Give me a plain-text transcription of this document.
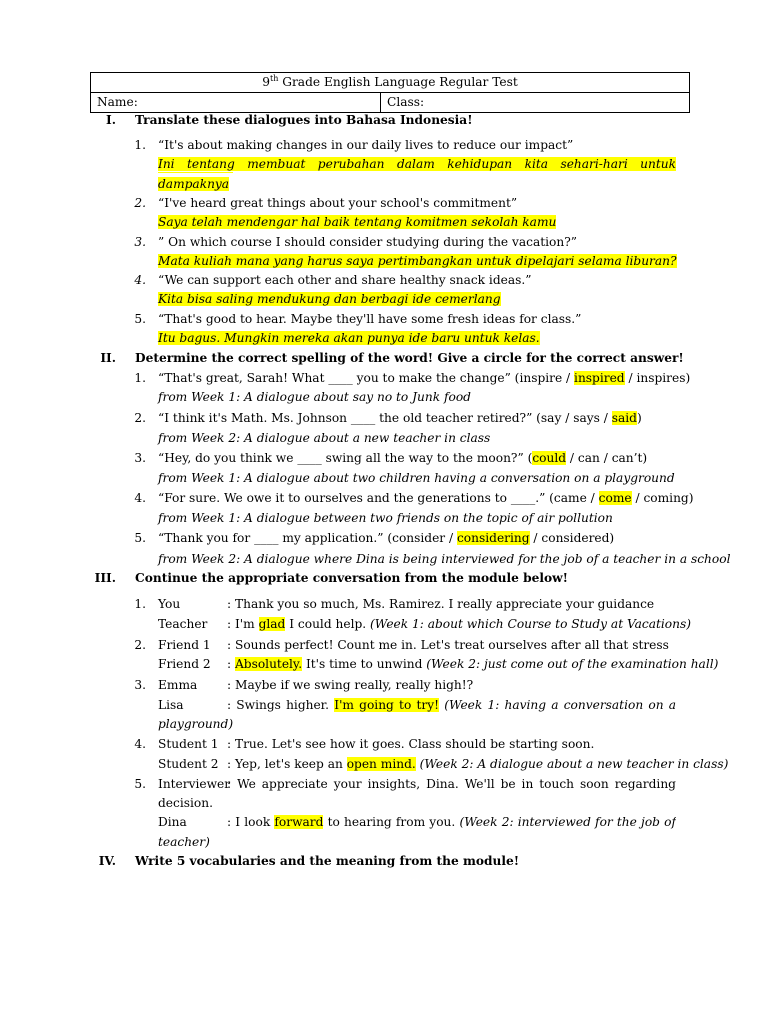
9th Grade English Language Regular Test
Name:	Class:
I. Translate these dialogues into Bahasa Indonesia!
1. “It's about making changes in our daily lives to reduce our impact”
Ini tentang membuat perubahan dalam kehidupan kita sehari-hari untuk
dampaknya
2. “I've heard great things about your school's commitment”
Saya telah mendengar hal baik tentang komitmen sekolah kamu
3. ” On which course I should consider studying during the vacation?”
Mata kuliah mana yang harus saya pertimbangkan untuk dipelajari selama liburan?
4. “We can support each other and share healthy snack ideas.”
Kita bisa saling mendukung dan berbagi ide cemerlang
5. “That's good to hear. Maybe they'll have some fresh ideas for class.”
Itu bagus. Mungkin mereka akan punya ide baru untuk kelas.
II. Determine the correct spelling of the word! Give a circle for the correct answer!
1. “That's great, Sarah! What ____ you to make the change” (inspire / inspired / inspires)
from Week 1: A dialogue about say no to Junk food
2. “I think it's Math. Ms. Johnson ____ the old teacher retired?” (say / says / said)
from Week 2: A dialogue about a new teacher in class
3. “Hey, do you think we ____ swing all the way to the moon?” (could / can / can’t)
from Week 1: A dialogue about two children having a conversation on a playground
4. “For sure. We owe it to ourselves and the generations to ____.” (came / come / coming)
from Week 1: A dialogue between two friends on the topic of air pollution
5. “Thank you for ____ my application.” (consider / considering / considered)
from Week 2: A dialogue where Dina is being interviewed for the job of a teacher in a school
III. Continue the appropriate conversation from the module below!
1. You	: Thank you so much, Ms. Ramirez. I really appreciate your guidance
Teacher : I'm glad I could help. (Week 1: about which Course to Study at Vacations)
2. Friend 1 : Sounds perfect! Count me in. Let's treat ourselves after all that stress
Friend 2 : Absolutely. It's time to unwind (Week 2: just come out of the examination hall)
3. Emma : Maybe if we swing really, really high!?
Lisa	: Swings higher. I'm going to try! (Week 1: having a conversation on a
playground)
4. Student 1 : True. Let's see how it goes. Class should be starting soon.
Student 2 : Yep, let's keep an open mind. (Week 2: A dialogue about a new teacher in class)
5. Interviewer
: We appreciate your insights, Dina. We'll be in touch soon regarding
decision.
Dina	: I look forward to hearing from you. (Week 2: interviewed for the job of
teacher)
IV. Write 5 vocabularies and the meaning from the module!
